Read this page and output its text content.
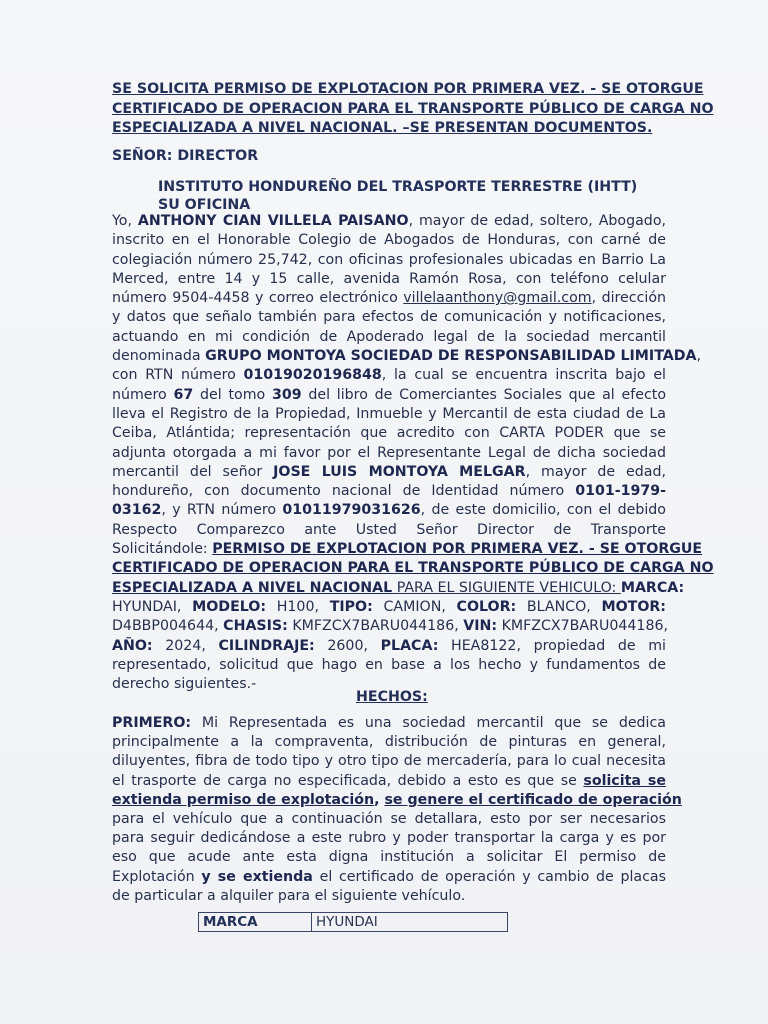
SE SOLICITA PERMISO DE EXPLOTACION POR PRIMERA VEZ. - SE OTORGUE
CERTIFICADO DE OPERACION PARA EL TRANSPORTE PÚBLICO DE CARGA NO
ESPECIALIZADA A NIVEL NACIONAL. –SE PRESENTAN DOCUMENTOS.
SEÑOR: DIRECTOR
INSTITUTO HONDUREÑO DEL TRASPORTE TERRESTRE (IHTT)
SU OFICINA
Yo, ANTHONY CIAN VILLELA PAISANO, mayor de edad, soltero, Abogado,
inscrito en el Honorable Colegio de Abogados de Honduras, con carné de
colegiación número 25,742, con oficinas profesionales ubicadas en Barrio La
Merced, entre 14 y 15 calle, avenida Ramón Rosa, con teléfono celular
número 9504-4458 y correo electrónico villelaanthony@gmail.com, dirección
y datos que señalo también para efectos de comunicación y notificaciones,
actuando en mi condición de Apoderado legal de la sociedad mercantil
denominada GRUPO MONTOYA SOCIEDAD DE RESPONSABILIDAD LIMITADA,
con RTN número 01019020196848, la cual se encuentra inscrita bajo el
número 67 del tomo 309 del libro de Comerciantes Sociales que al efecto
lleva el Registro de la Propiedad, Inmueble y Mercantil de esta ciudad de La
Ceiba, Atlántida; representación que acredito con CARTA PODER que se
adjunta otorgada a mi favor por el Representante Legal de dicha sociedad
mercantil del señor JOSE LUIS MONTOYA MELGAR, mayor de edad,
hondureño, con documento nacional de Identidad número 0101-1979-
03162, y RTN número 01011979031626, de este domicilio, con el debido
Respecto Comparezco ante Usted Señor Director de Transporte
Solicitándole: PERMISO DE EXPLOTACION POR PRIMERA VEZ. - SE OTORGUE
CERTIFICADO DE OPERACION PARA EL TRANSPORTE PÚBLICO DE CARGA NO
ESPECIALIZADA A NIVEL NACIONAL PARA EL SIGUIENTE VEHICULO: MARCA:
HYUNDAI, MODELO: H100, TIPO: CAMION, COLOR: BLANCO, MOTOR:
D4BBP004644, CHASIS: KMFZCX7BARU044186, VIN: KMFZCX7BARU044186,
AÑO: 2024, CILINDRAJE: 2600, PLACA: HEA8122, propiedad de mi
representado, solicitud que hago en base a los hecho y fundamentos de
derecho siguientes.-
HECHOS:
PRIMERO: Mi Representada es una sociedad mercantil que se dedica
principalmente a la compraventa, distribución de pinturas en general,
diluyentes, fibra de todo tipo y otro tipo de mercadería, para lo cual necesita
el trasporte de carga no especificada, debido a esto es que se solicita se
extienda permiso de explotación, se genere el certificado de operación
para el vehículo que a continuación se detallara, esto por ser necesarios
para seguir dedicándose a este rubro y poder transportar la carga y es por
eso que acude ante esta digna institución a solicitar El permiso de
Explotación y se extienda el certificado de operación y cambio de placas
de particular a alquiler para el siguiente vehículo.
MARCA	HYUNDAI
